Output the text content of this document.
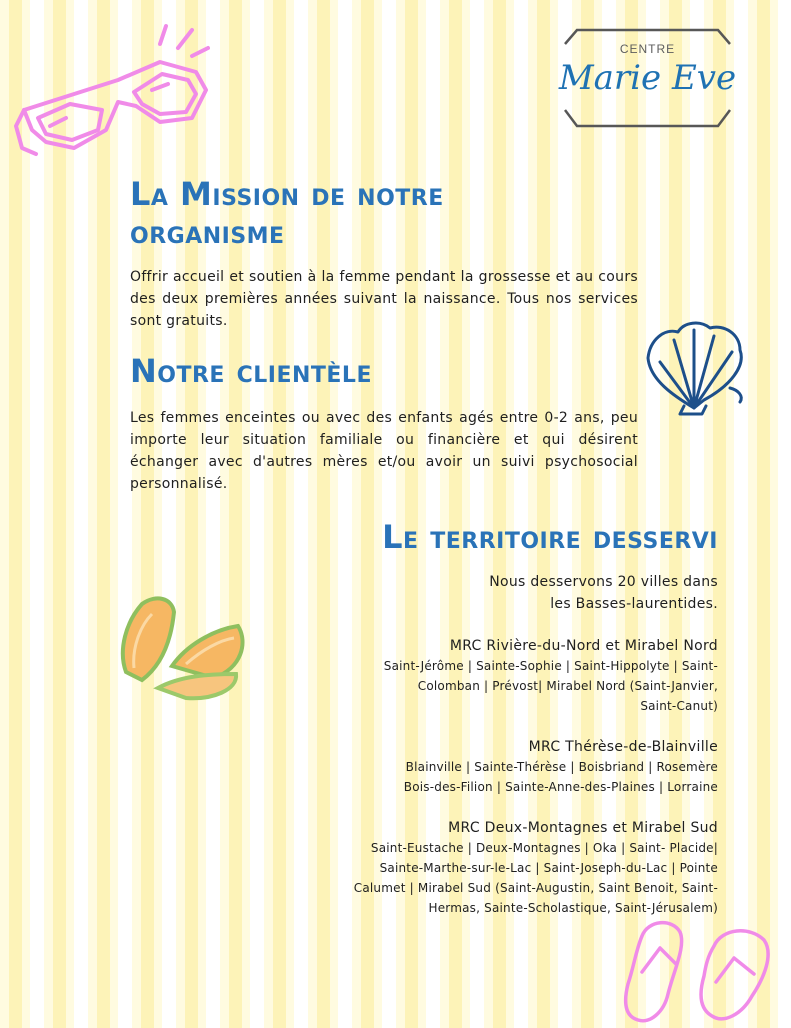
CENTRE
Marie Eve
La Mission de notre
organisme

Offrir accueil et soutien à la femme pendant la grossesse et au cours des deux premières années suivant la naissance. Tous nos services sont gratuits.

Notre clientèle

Les femmes enceintes ou avec des enfants agés entre 0-2 ans, peu importe leur situation familiale ou financière et qui désirent échanger avec d'autres mères et/ou avoir un suivi psychosocial personnalisé.

Le territoire desservi
Nous desservons 20 villes dans
les Basses-laurentides.
MRC Rivière-du-Nord et Mirabel Nord
Saint-Jérôme | Sainte-Sophie | Saint-Hippolyte | Saint-
Colomban | Prévost| Mirabel Nord (Saint-Janvier,
Saint-Canut)
MRC Thérèse-de-Blainville
Blainville | Sainte-Thérèse | Boisbriand | Rosemère
Bois-des-Filion | Sainte-Anne-des-Plaines | Lorraine
MRC Deux-Montagnes et Mirabel Sud
Saint-Eustache | Deux-Montagnes | Oka | Saint- Placide|
Sainte-Marthe-sur-le-Lac | Saint-Joseph-du-Lac | Pointe
Calumet | Mirabel Sud (Saint-Augustin, Saint Benoit, Saint-
Hermas, Sainte-Scholastique, Saint-Jérusalem)
